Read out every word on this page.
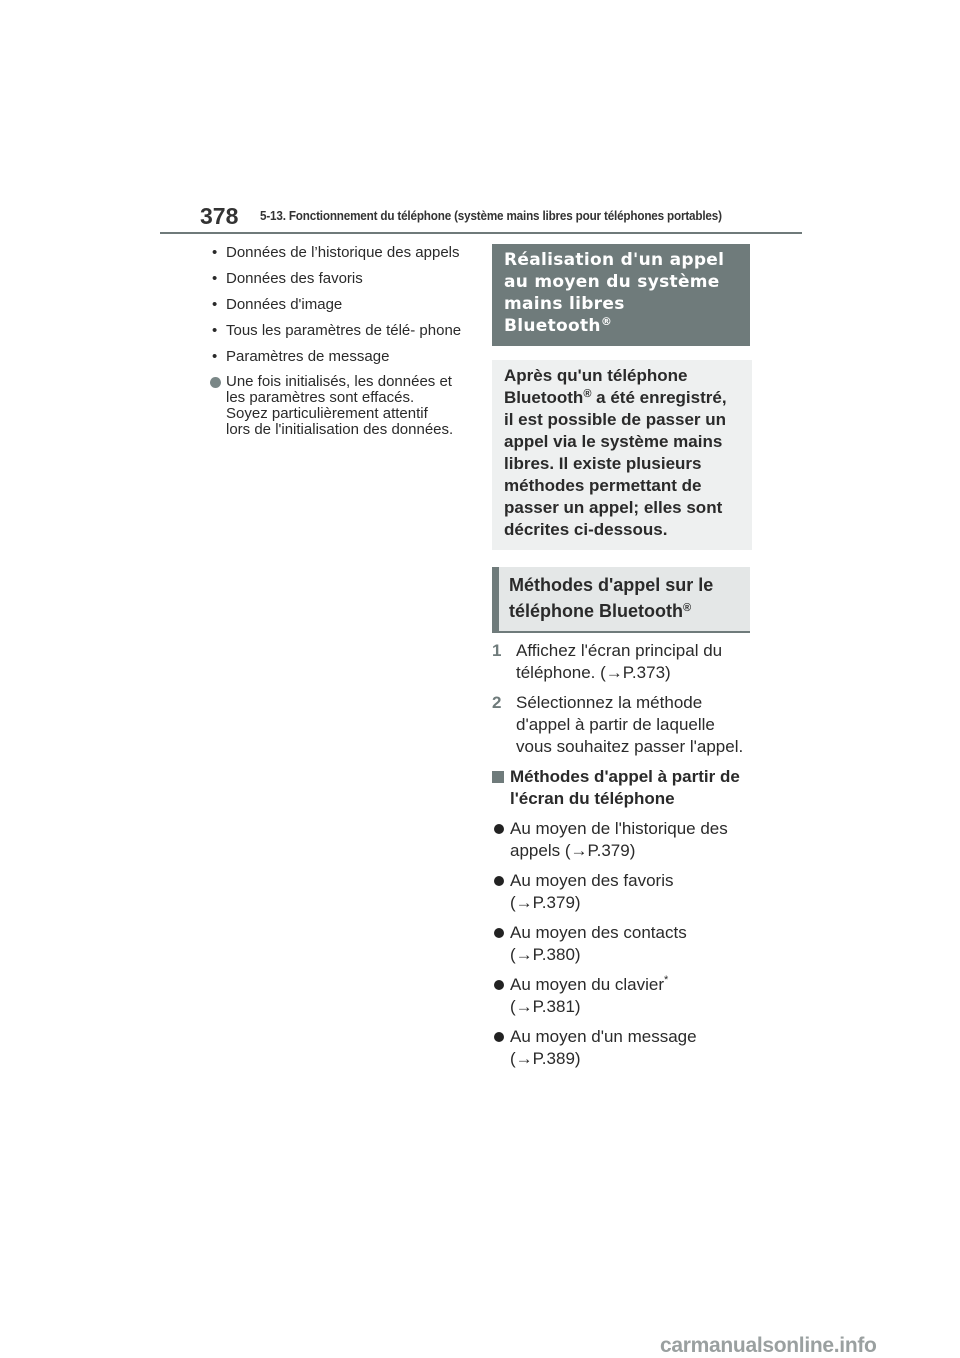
378 5-13. Fonctionnement du téléphone (système mains libres pour téléphones portables)
• Données de l’historique des appels
• Données des favoris
• Données d'image
• Tous les paramètres de télé- phone
• Paramètres de message
Une fois initialisés, les données et
les paramètres sont effacés.
Soyez particulièrement attentif
lors de l'initialisation des données.
Réalisation d'un appel au moyen du système mains libres Bluetooth®
Après qu'un téléphone Bluetooth® a été enregistré, il est possible de passer un appel via le système mains libres. Il existe plusieurs méthodes permettant de passer un appel; elles sont décrites ci-dessous.
Méthodes d'appel sur le téléphone Bluetooth®
1 Affichez l'écran principal du téléphone. (→P.373)
2 Sélectionnez la méthode d'appel à partir de laquelle vous souhaitez passer l'appel.
Méthodes d'appel à partir de l'écran du téléphone
Au moyen de l'historique des
appels (→P.379)
Au moyen des favoris
(→P.379)
Au moyen des contacts
(→P.380)
Au moyen du clavier*
(→P.381)
Au moyen d'un message
(→P.389)
carmanualsonline.info
